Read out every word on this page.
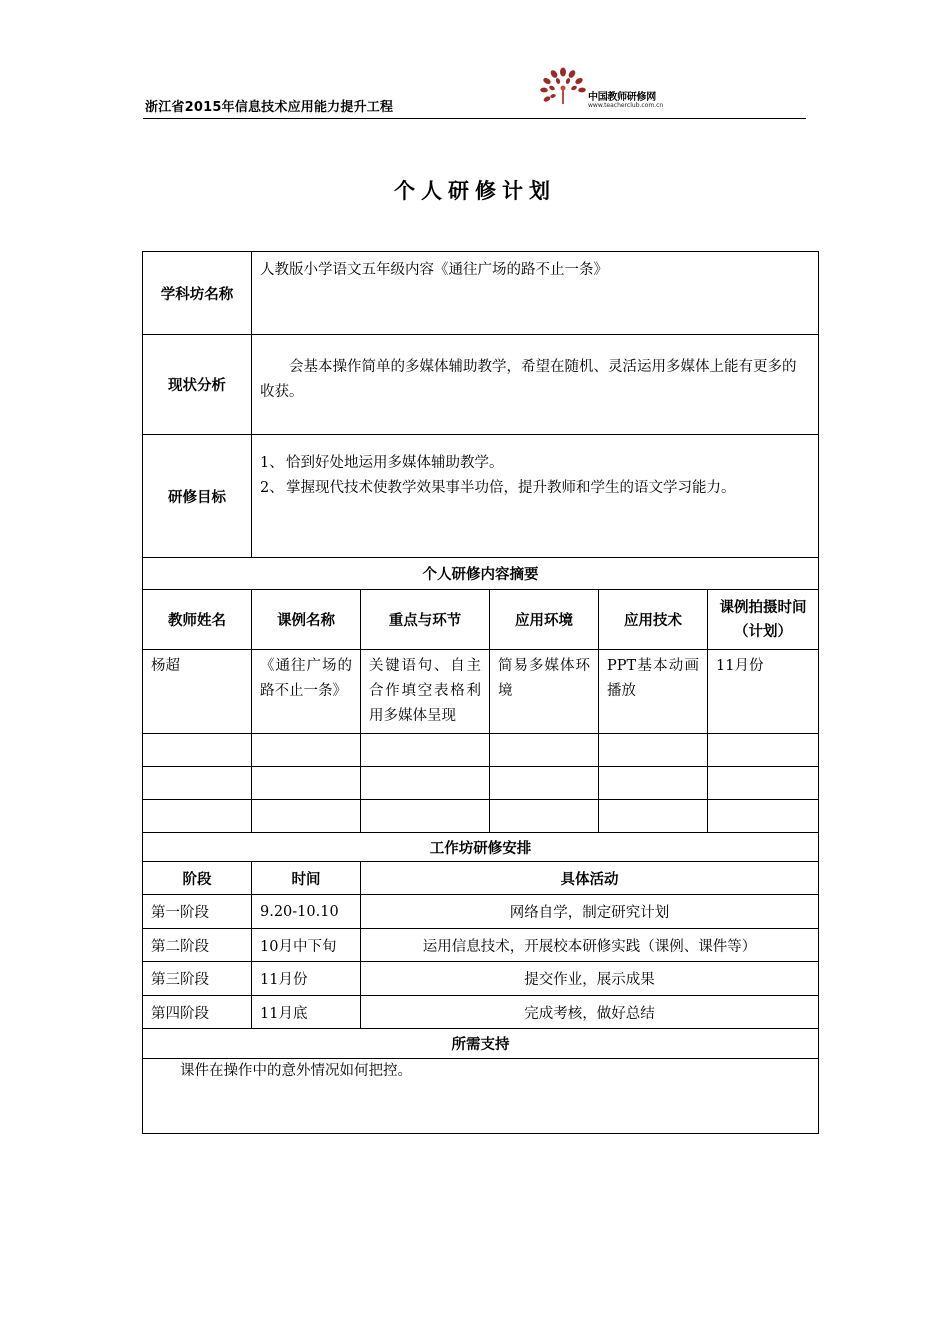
浙江省2015年信息技术应用能力提升工程
中国教师研修网
www.teacherclub.com.cn
个人研修计划
学科坊名称	人教版小学语文五年级内容《通往广场的路不止一条》				
现状分析	会基本操作简单的多媒体辅助教学，希望在随机、灵活运用多媒体上能有更多的收获。				
研修目标	1、 恰到好处地运用多媒体辅助教学。
2、 掌握现代技术使教学效果事半功倍，提升教师和学生的语文学习能力。				

个人研修内容摘要					
教师姓名	课例名称	重点与环节	应用环境	应用技术	课例拍摄时间（计划）
杨超	《通往广场的路不止一条》	关键语句、自主合作填空表格利用多媒体呈现	简易多媒体环境	PPT基本动画播放	11月份

工作坊研修安排					
阶段	时间	具体活动			
第一阶段	9.20-10.10	网络自学，制定研究计划			
第二阶段	10月中下旬	运用信息技术，开展校本研修实践（课例、课件等）			
第三阶段	11月份	提交作业，展示成果			
第四阶段	11月底	完成考核，做好总结			
所需支持					
课件在操作中的意外情况如何把控。					
